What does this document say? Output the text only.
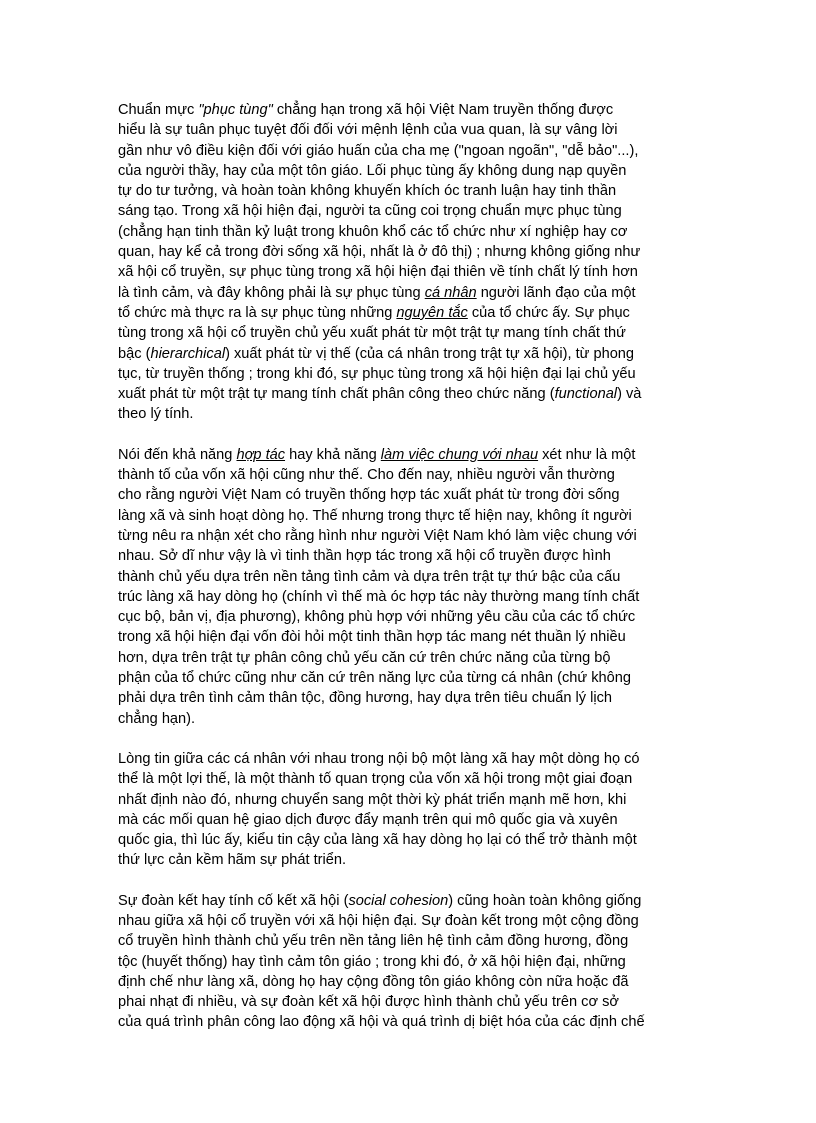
Chuẩn mực "phục tùng" chẳng hạn trong xã hội Việt Nam truyền thống được
hiểu là sự tuân phục tuyệt đối đối với mệnh lệnh của vua quan, là sự vâng lời
gần như vô điều kiện đối với giáo huấn của cha mẹ ("ngoan ngoãn", "dễ bảo"...),
của người thầy, hay của một tôn giáo. Lối phục tùng ấy không dung nạp quyền
tự do tư tưởng, và hoàn toàn không khuyến khích óc tranh luận hay tinh thần
sáng tạo. Trong xã hội hiện đại, người ta cũng coi trọng chuẩn mực phục tùng
(chẳng hạn tinh thần kỷ luật trong khuôn khổ các tổ chức như xí nghiệp hay cơ
quan, hay kể cả trong đời sống xã hội, nhất là ở đô thị) ; nhưng không giống như
xã hội cổ truyền, sự phục tùng trong xã hội hiện đại thiên về tính chất lý tính hơn
là tình cảm, và đây không phải là sự phục tùng cá nhân người lãnh đạo của một
tổ chức mà thực ra là sự phục tùng những nguyên tắc của tổ chức ấy. Sự phục
tùng trong xã hội cổ truyền chủ yếu xuất phát từ một trật tự mang tính chất thứ
bậc (hierarchical) xuất phát từ vị thế (của cá nhân trong trật tự xã hội), từ phong
tục, từ truyền thống ; trong khi đó, sự phục tùng trong xã hội hiện đại lại chủ yếu
xuất phát từ một trật tự mang tính chất phân công theo chức năng (functional) và
theo lý tính.
Nói đến khả năng hợp tác hay khả năng làm việc chung với nhau xét như là một
thành tố của vốn xã hội cũng như thế. Cho đến nay, nhiều người vẫn thường
cho rằng người Việt Nam có truyền thống hợp tác xuất phát từ trong đời sống
làng xã và sinh hoạt dòng họ. Thế nhưng trong thực tế hiện nay, không ít người
từng nêu ra nhận xét cho rằng hình như người Việt Nam khó làm việc chung với
nhau. Sở dĩ như vậy là vì tinh thần hợp tác trong xã hội cổ truyền được hình
thành chủ yếu dựa trên nền tảng tình cảm và dựa trên trật tự thứ bậc của cấu
trúc làng xã hay dòng họ (chính vì thế mà óc hợp tác này thường mang tính chất
cục bộ, bản vị, địa phương), không phù hợp với những yêu cầu của các tổ chức
trong xã hội hiện đại vốn đòi hỏi một tinh thần hợp tác mang nét thuần lý nhiều
hơn, dựa trên trật tự phân công chủ yếu căn cứ trên chức năng của từng bộ
phận của tổ chức cũng như căn cứ trên năng lực của từng cá nhân (chứ không
phải dựa trên tình cảm thân tộc, đồng hương, hay dựa trên tiêu chuẩn lý lịch
chẳng hạn).
Lòng tin giữa các cá nhân với nhau trong nội bộ một làng xã hay một dòng họ có
thể là một lợi thế, là một thành tố quan trọng của vốn xã hội trong một giai đoạn
nhất định nào đó, nhưng chuyển sang một thời kỳ phát triển mạnh mẽ hơn, khi
mà các mối quan hệ giao dịch được đẩy mạnh trên qui mô quốc gia và xuyên
quốc gia, thì lúc ấy, kiểu tin cậy của làng xã hay dòng họ lại có thể trở thành một
thứ lực cản kềm hãm sự phát triển.
Sự đoàn kết hay tính cố kết xã hội (social cohesion) cũng hoàn toàn không giống
nhau giữa xã hội cổ truyền với xã hội hiện đại. Sự đoàn kết trong một cộng đồng
cổ truyền hình thành chủ yếu trên nền tảng liên hệ tình cảm đồng hương, đồng
tộc (huyết thống) hay tình cảm tôn giáo ; trong khi đó, ở xã hội hiện đại, những
định chế như làng xã, dòng họ hay cộng đồng tôn giáo không còn nữa hoặc đã
phai nhạt đi nhiều, và sự đoàn kết xã hội được hình thành chủ yếu trên cơ sở
của quá trình phân công lao động xã hội và quá trình dị biệt hóa của các định chế
